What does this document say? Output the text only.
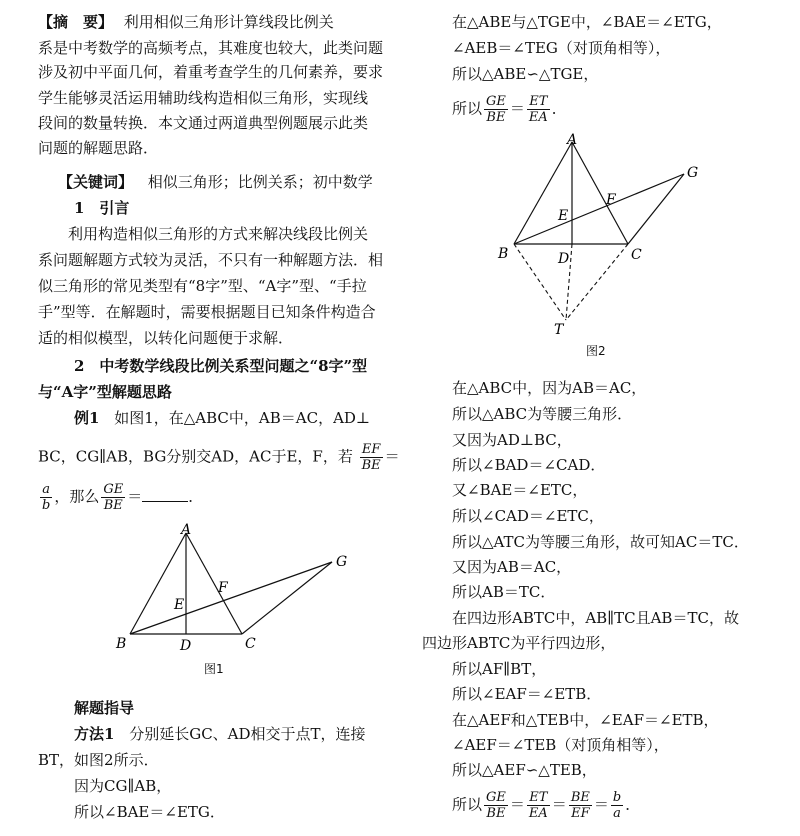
【摘　要】 利用相似三角形计算线段比例关
系是中考数学的高频考点，其难度也较大，此类问题
涉及初中平面几何，着重考查学生的几何素养，要求
学生能够灵活运用辅助线构造相似三角形，实现线
段间的数量转换．本文通过两道典型例题展示此类
问题的解题思路．
【关键词】 相似三角形；比例关系；初中数学
1　引言
利用构造相似三角形的方式来解决线段比例关
系问题解题方式较为灵活，不只有一种解题方法．相
似三角形的常见类型有“8字”型、“A字”型、“手拉
手”型等．在解题时，需要根据题目已知条件构造合
适的相似模型，以转化问题便于求解．
2　中考数学线段比例关系型问题之“8字”型
与“A字”型解题思路
例1 如图1，在△ABC中，AB＝AC，AD⊥
BC，CG∥AB，BG分别交AD，AC于E，F，若 $\frac{EF}{BE}$ ＝
$\frac{a}{b}$ ，那么 $\frac{GE}{BE}$ ＝	．
A
B	C
D
E
F
G
图1
解题指导
方法1 分别延长GC、AD相交于点T，连接
BT，如图2所示．
因为CG∥AB，
所以∠BAE＝∠ETG．
在△ABE与△TGE中，∠BAE＝∠ETG，
∠AEB＝∠TEG（对顶角相等），
所以△ABE∽△TGE，
所以 $\frac{GE}{BE} = \frac{ET}{EA}$ ．
A
B	C
D
E
F
G
T
图2
在△ABC中，因为AB＝AC，
所以△ABC为等腰三角形．
又因为AD⊥BC，
所以∠BAD＝∠CAD．
又∠BAE＝∠ETC，
所以∠CAD＝∠ETC，
所以△ATC为等腰三角形，故可知AC＝TC．
又因为AB＝AC，
所以AB＝TC．
在四边形ABTC中，AB∥TC且AB＝TC，故
四边形ABTC为平行四边形，
所以AF∥BT，
所以∠EAF＝∠ETB．
在△AEF和△TEB中，∠EAF＝∠ETB，
∠AEF＝∠TEB（对顶角相等），
所以△AEF∽△TEB，
所以 $\frac{GE}{BE} = \frac{ET}{EA} = \frac{BE}{EF} = \frac{b}{a}$ ．
